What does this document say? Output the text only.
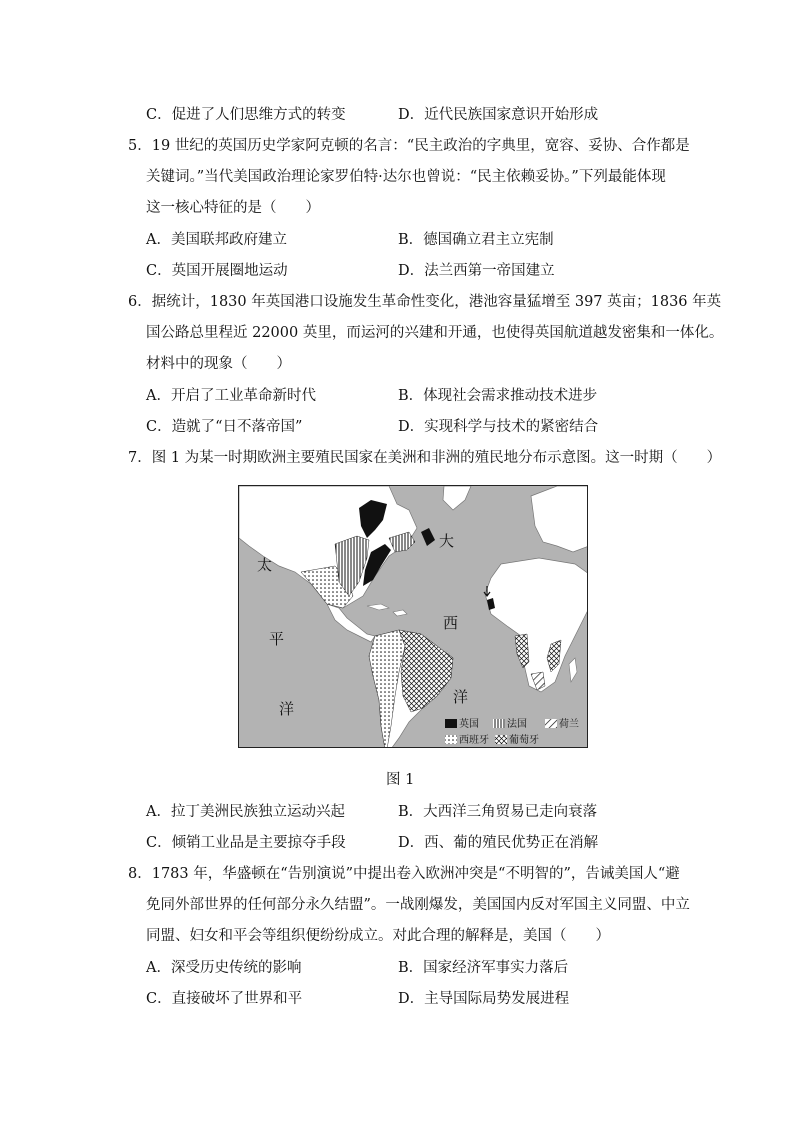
C．促进了人们思维方式的转变	D．近代民族国家意识开始形成
5．19 世纪的英国历史学家阿克顿的名言：“民主政治的字典里，宽容、妥协、合作都是
关键词。”当代美国政治理论家罗伯特·达尔也曾说：“民主依赖妥协。”下列最能体现
这一核心特征的是（　　）
A．美国联邦政府建立	B．德国确立君主立宪制
C．英国开展圈地运动	D．法兰西第一帝国建立
6．据统计，1830 年英国港口设施发生革命性变化，港池容量猛增至 397 英亩；1836 年英
国公路总里程近 22000 英里，而运河的兴建和开通，也使得英国航道越发密集和一体化。
材料中的现象（　　）
A．开启了工业革命新时代	B．体现社会需求推动技术进步
C．造就了“日不落帝国”	D．实现科学与技术的紧密结合
7．图 1 为某一时期欧洲主要殖民国家在美洲和非洲的殖民地分布示意图。这一时期（　　）
太
平
洋
大
西
洋
英国	法国	荷兰
西班牙 葡萄牙
图 1
A．拉丁美洲民族独立运动兴起	B．大西洋三角贸易已走向衰落
C．倾销工业品是主要掠夺手段	D．西、葡的殖民优势正在消解
8．1783 年，华盛顿在“告别演说”中提出卷入欧洲冲突是“不明智的”，告诫美国人“避
免同外部世界的任何部分永久结盟”。一战刚爆发，美国国内反对军国主义同盟、中立
同盟、妇女和平会等组织便纷纷成立。对此合理的解释是，美国（　　）
A．深受历史传统的影响	B．国家经济军事实力落后
C．直接破坏了世界和平	D．主导国际局势发展进程
